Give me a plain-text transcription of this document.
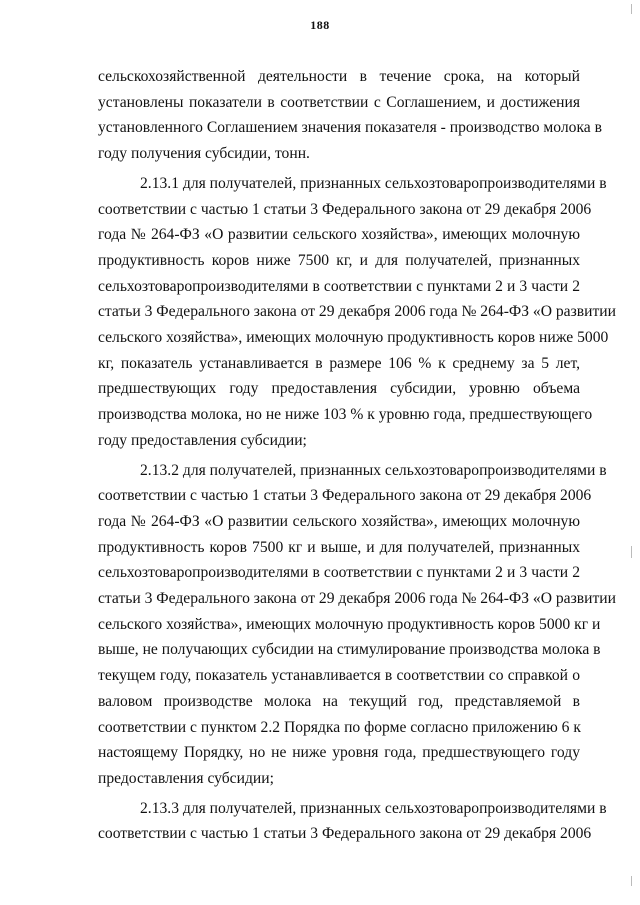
188

сельскохозяйственной деятельности в течение срока, на который
установлены показатели в соответствии с Соглашением, и достижения
установленного Соглашением значения показателя - производство молока в
году получения субсидии, тонн.

2.13.1 для получателей, признанных сельхозтоваропроизводителями в
соответствии с частью 1 статьи 3 Федерального закона от 29 декабря 2006
года № 264-ФЗ «О развитии сельского хозяйства», имеющих молочную
продуктивность коров ниже 7500 кг, и для получателей, признанных
сельхозтоваропроизводителями в соответствии с пунктами 2 и 3 части 2
статьи 3 Федерального закона от 29 декабря 2006 года № 264-ФЗ «О развитии
сельского хозяйства», имеющих молочную продуктивность коров ниже 5000
кг, показатель устанавливается в размере 106 % к среднему за 5 лет,
предшествующих году предоставления субсидии, уровню объема
производства молока, но не ниже 103 % к уровню года, предшествующего
году предоставления субсидии;

2.13.2 для получателей, признанных сельхозтоваропроизводителями в
соответствии с частью 1 статьи 3 Федерального закона от 29 декабря 2006
года № 264-ФЗ «О развитии сельского хозяйства», имеющих молочную
продуктивность коров 7500 кг и выше, и для получателей, признанных
сельхозтоваропроизводителями в соответствии с пунктами 2 и 3 части 2
статьи 3 Федерального закона от 29 декабря 2006 года № 264-ФЗ «О развитии
сельского хозяйства», имеющих молочную продуктивность коров 5000 кг и
выше, не получающих субсидии на стимулирование производства молока в
текущем году, показатель устанавливается в соответствии со справкой о
валовом производстве молока на текущий год, представляемой в
соответствии с пунктом 2.2 Порядка по форме согласно приложению 6 к
настоящему Порядку, но не ниже уровня года, предшествующего году
предоставления субсидии;

2.13.3 для получателей, признанных сельхозтоваропроизводителями в
соответствии с частью 1 статьи 3 Федерального закона от 29 декабря 2006
